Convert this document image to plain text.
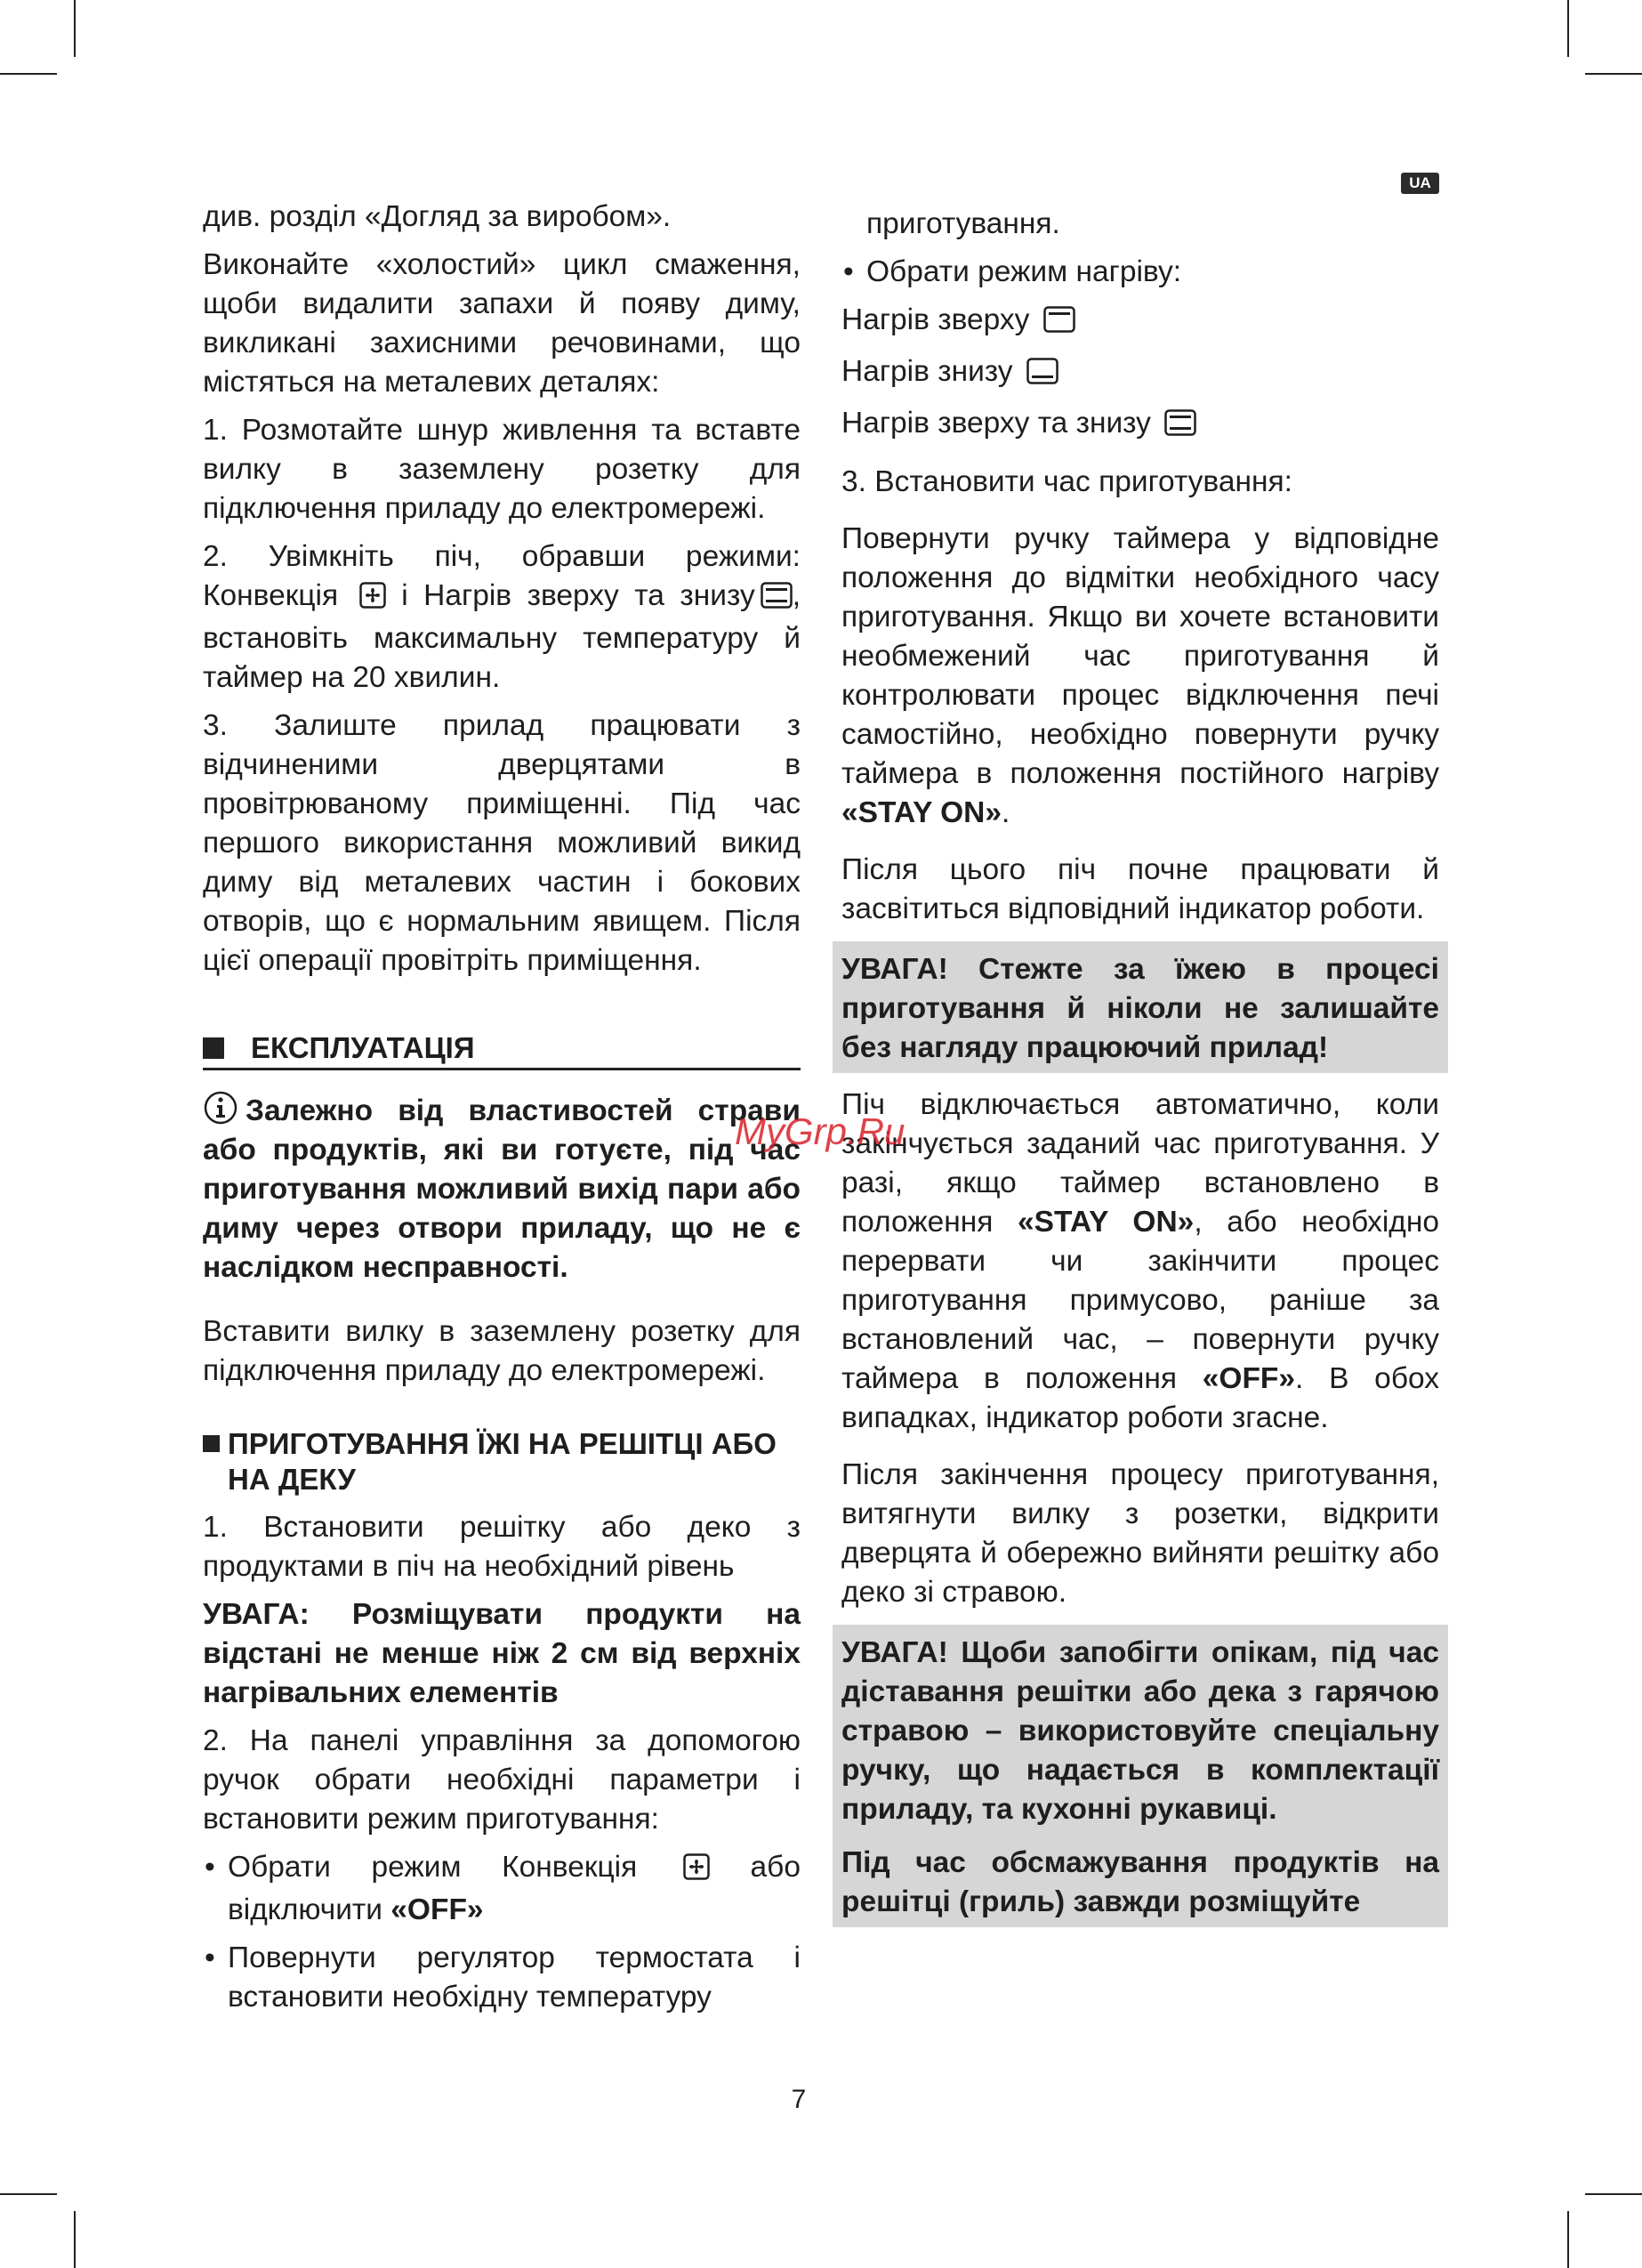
UA

див. розділ «Догляд за виробом».

Виконайте «холостий» цикл смаження, щоби видалити запахи й появу диму, викликані захисними речовинами, що містяться на металевих деталях:

1. Розмотайте шнур живлення та вставте вилку в заземлену розетку для підключення приладу до електромережі.

2. Увімкніть піч, обравши режими: Конвекція і Нагрів зверху та знизу , встановіть максимальну температуру й таймер на 20 хвилин.

3. Залиште прилад працювати з відчиненими дверцятами в провітрюваному приміщенні. Під час першого використання можливий викид диму від металевих частин і бокових отворів, що є нормальним явищем. Після цієї операції провітріть приміщення.

ЕКСПЛУАТАЦІЯ

Залежно від властивостей страви або продуктів, які ви готуєте, під час приготування можливий вихід пари або диму через отвори приладу, що не є наслідком несправності.

Вставити вилку в заземлену розетку для підключення приладу до електромережі.

ПРИГОТУВАННЯ ЇЖІ НА РЕШІТЦІ АБО НА ДЕКУ

1. Встановити решітку або деко з продуктами в піч на необхідний рівень

УВАГА: Розміщувати продукти на відстані не менше ніж 2 см від верхніх нагрівальних елементів

2. На панелі управління за допомогою ручок обрати необхідні параметри і встановити режим приготування:

• Обрати режим Конвекція	або відключити «OFF»
• Повернути регулятор термостата і встановити необхідну температуру

приготування.

• Обрати режим нагріву:
Нагрів зверху
Нагрів знизу
Нагрів зверху та знизу

3. Встановити час приготування:

Повернути ручку таймера у відповідне положення до відмітки необхідного часу приготування. Якщо ви хочете встановити необмежений час приготування й контролювати процес відключення печі самостійно, необхідно повернути ручку таймера в положення постійного нагріву «STAY ON».

Після цього піч почне працювати й засвітиться відповідний індикатор роботи.

УВАГА! Стежте за їжею в процесі приготування й ніколи не залишайте без нагляду працюючий прилад!

Піч відключається автоматично, коли закінчується заданий час приготування. У разі, якщо таймер встановлено в положення «STAY ON», або необхідно перервати чи закінчити процес приготування примусово, раніше за встановлений час, – повернути ручку таймера в положення «OFF». В обох випадках, індикатор роботи згасне.

Після закінчення процесу приготування, витягнути вилку з розетки, відкрити дверцята й обережно вийняти решітку або деко зі стравою.

УВАГА! Щоби запобігти опікам, під час діставання решітки або дека з гарячою стравою – використовуйте спеціальну ручку, що надається в комплектації приладу, та кухонні рукавиці.
Під час обсмажування продуктів на решітці (гриль) завжди розміщуйте
MyGrp.Ru
7
